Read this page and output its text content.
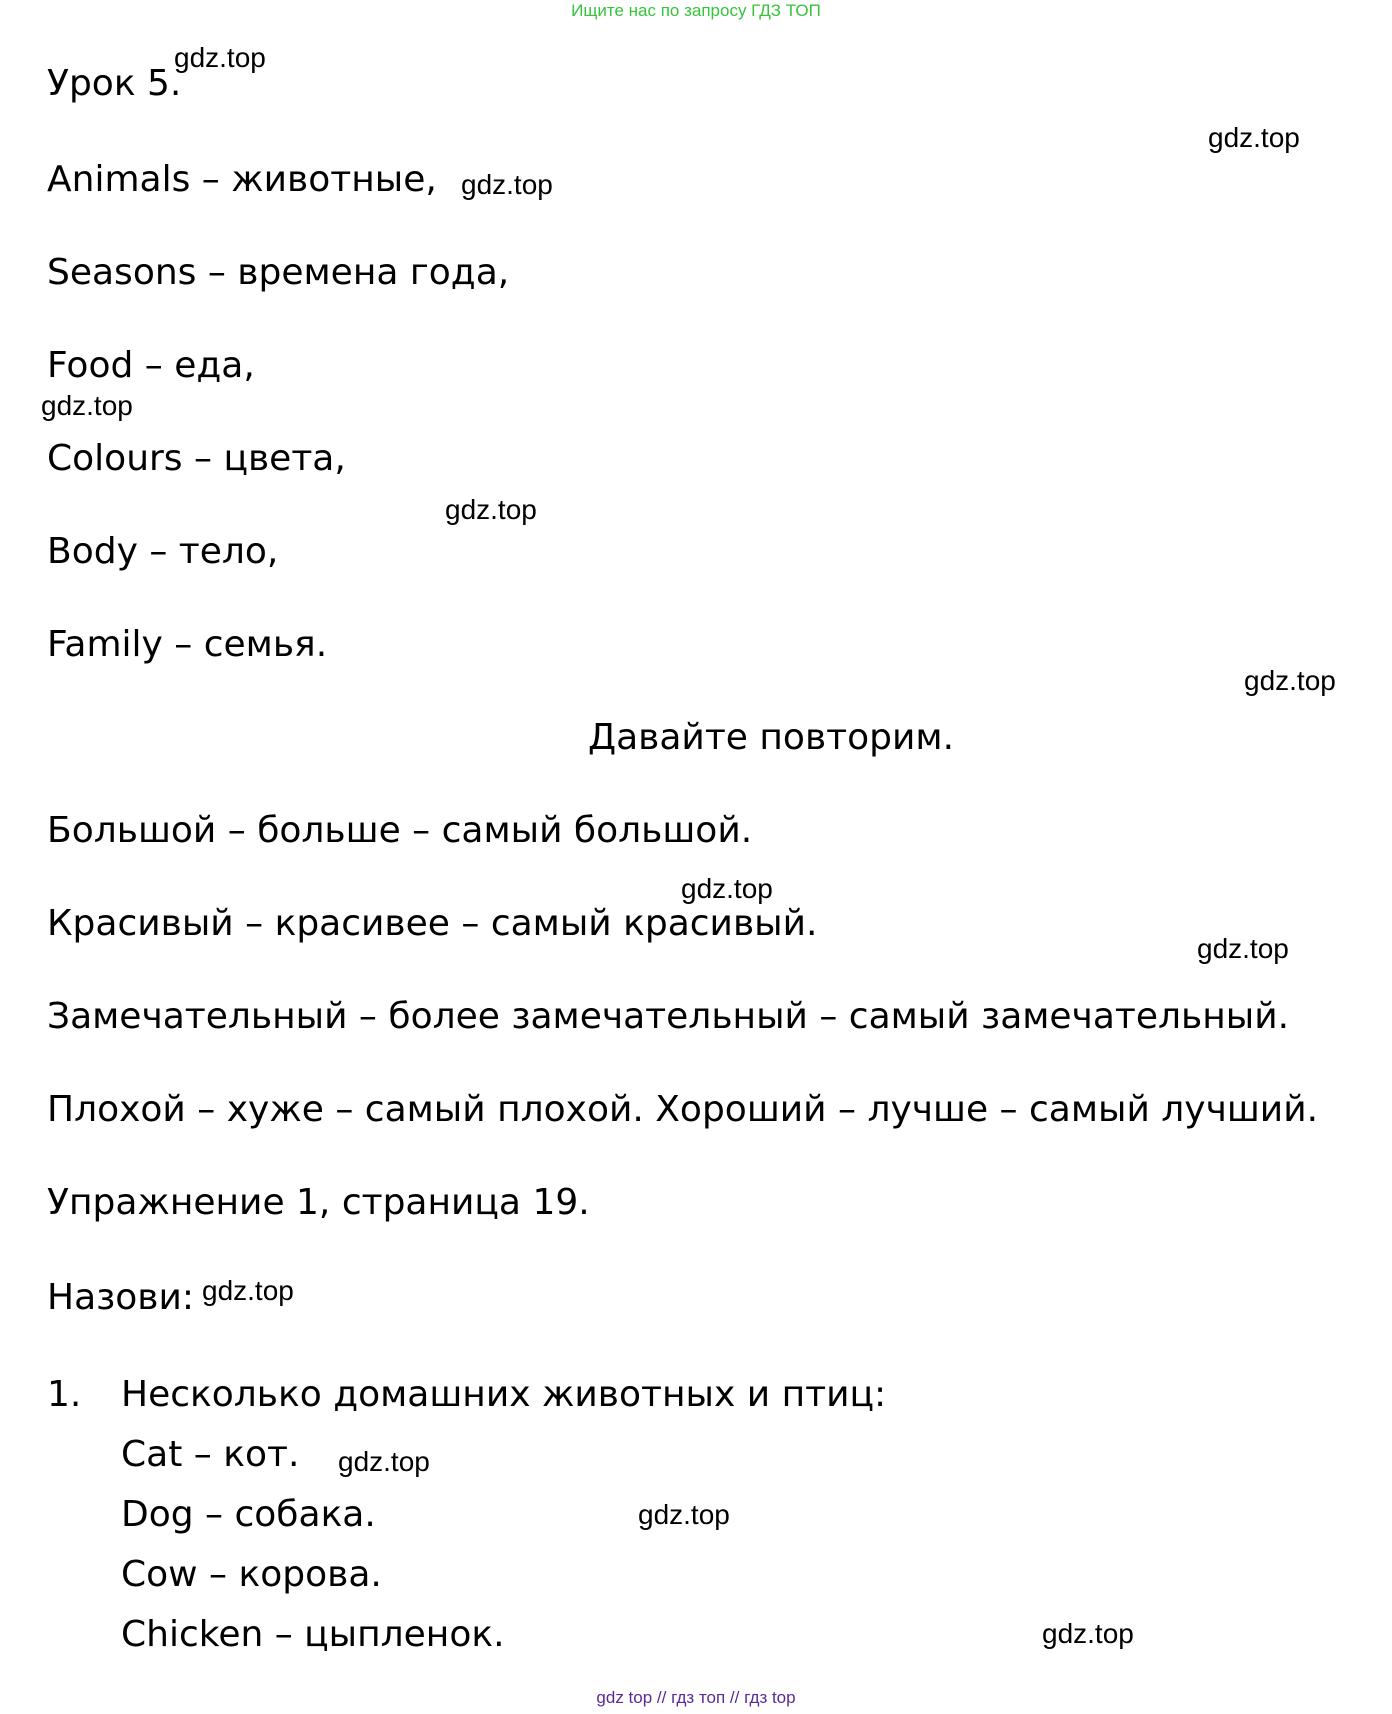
Ищите нас по запросу ГДЗ ТОП
Урок 5.
Animals – животные,
Seasons – времена года,
Food – еда,
Colours – цвета,
Body – тело,
Family – семья.
Давайте повторим.
Большой – больше – самый большой.
Красивый – красивее – самый красивый.
Замечательный – более замечательный – самый замечательный.
Плохой – хуже – самый плохой. Хороший – лучше – самый лучший.
Упражнение 1, страница 19.
Назови:
1. Несколько домашних животных и птиц:
Cat – кот.
Dog – собака.
Cow – корова.
Chicken – цыпленок.
gdz.top
gdz.top
gdz.top
gdz.top
gdz.top
gdz.top
gdz.top
gdz.top
gdz.top
gdz.top
gdz.top
gdz.top
gdz top // гдз топ // гдз top
